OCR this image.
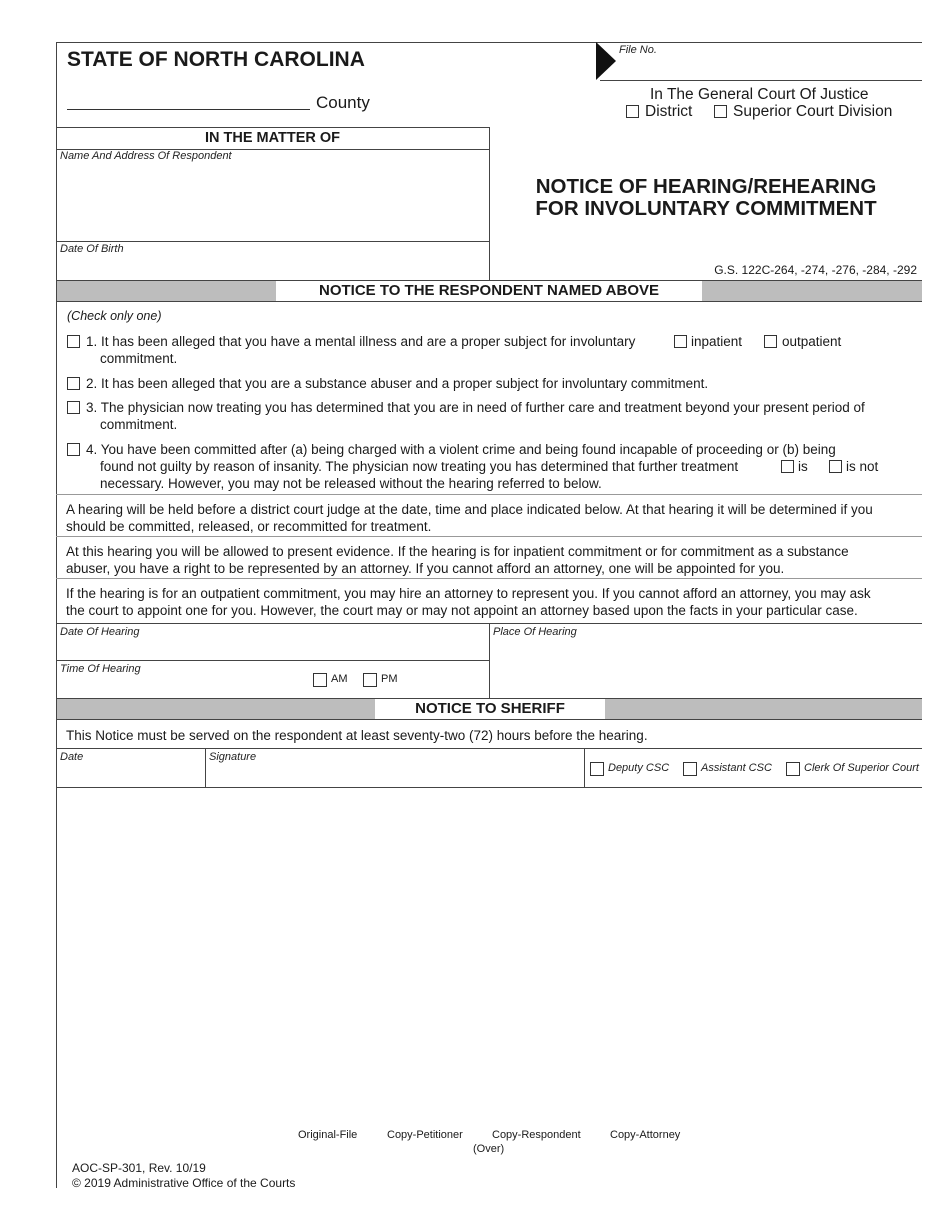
STATE OF NORTH CAROLINA
County
File No.
In The General Court Of Justice
District	Superior Court Division
IN THE MATTER OF
Name And Address Of Respondent
Date Of Birth
NOTICE OF HEARING/REHEARING
FOR INVOLUNTARY COMMITMENT
G.S. 122C-264, -274, -276, -284, -292
NOTICE TO THE RESPONDENT NAMED ABOVE
(Check only one)
1. It has been alleged that you have a mental illness and are a proper subject for involuntary
commitment.
inpatient	outpatient
2. It has been alleged that you are a substance abuser and a proper subject for involuntary commitment.
3. The physician now treating you has determined that you are in need of further care and treatment beyond your present period of
commitment.
4. You have been committed after (a) being charged with a violent crime and being found incapable of proceeding or (b) being
found not guilty by reason of insanity. The physician now treating you has determined that further treatment	is	is not
necessary. However, you may not be released without the hearing referred to below.
A hearing will be held before a district court judge at the date, time and place indicated below. At that hearing it will be determined if you
should be committed, released, or recommitted for treatment.
At this hearing you will be allowed to present evidence. If the hearing is for inpatient commitment or for commitment as a substance
abuser, you have a right to be represented by an attorney. If you cannot afford an attorney, one will be appointed for you.
If the hearing is for an outpatient commitment, you may hire an attorney to represent you. If you cannot afford an attorney, you may ask
the court to appoint one for you. However, the court may or may not appoint an attorney based upon the facts in your particular case.
Date Of Hearing	Place Of Hearing
Time Of Hearing
AM	PM
NOTICE TO SHERIFF
This Notice must be served on the respondent at least seventy-two (72) hours before the hearing.
Date	Signature
Deputy CSC	Assistant CSC	Clerk Of Superior Court
Original-File	Copy-Petitioner	Copy-Respondent	Copy-Attorney
(Over)
AOC-SP-301, Rev. 10/19
© 2019 Administrative Office of the Courts
